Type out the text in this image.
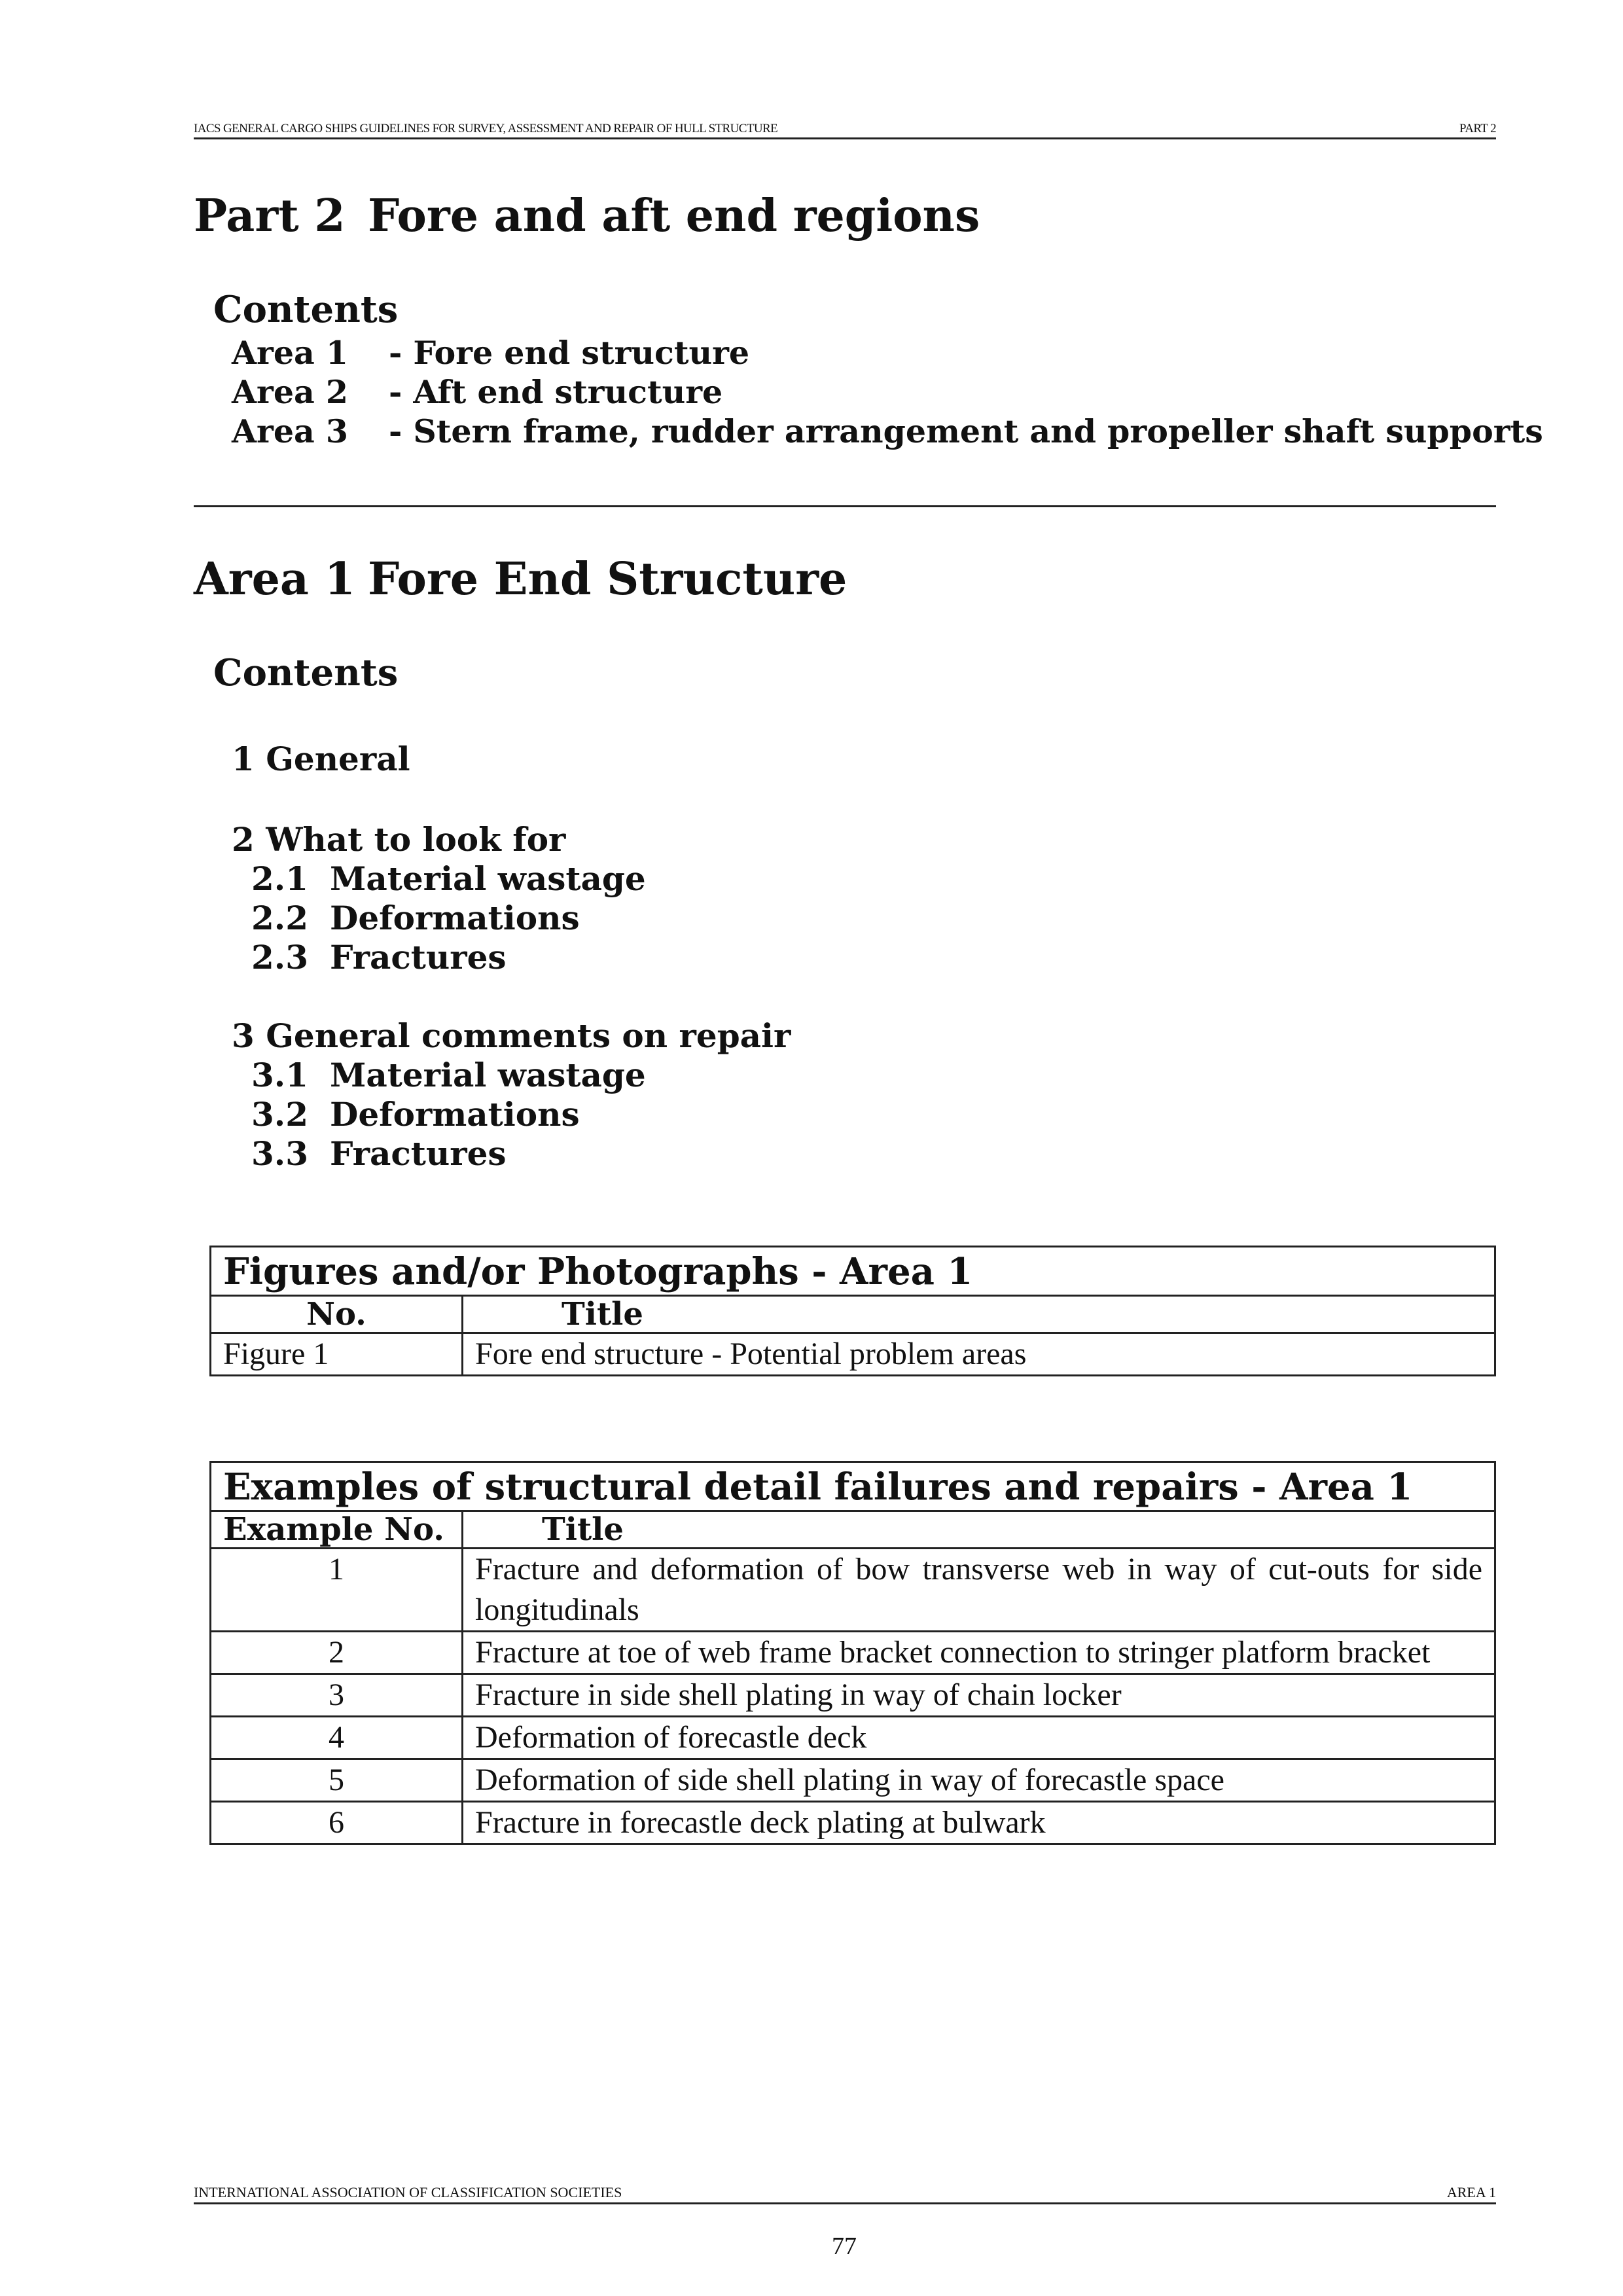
IACS GENERAL CARGO SHIPS GUIDELINES FOR SURVEY, ASSESSMENT AND REPAIR OF HULL STRUCTURE	PART 2
Part 2 Fore and aft end regions
Contents
Area 1 - Fore end structure
Area 2 - Aft end structure
Area 3 - Stern frame, rudder arrangement and propeller shaft supports
Area 1 Fore End Structure
Contents
1 General
2 What to look for
2.1 Material wastage
2.2 Deformations
2.3 Fractures
3 General comments on repair
3.1 Material wastage
3.2 Deformations
3.3 Fractures
Figures and/or Photographs - Area 1	
No.	Title
Figure 1	Fore end structure - Potential problem areas
Examples of structural detail failures and repairs - Area 1	
Example No.	Title
1	Fracture and deformation of bow transverse web in way of cut-outs for side longitudinals
2	Fracture at toe of web frame bracket connection to stringer platform bracket
3	Fracture in side shell plating in way of chain locker
4	Deformation of forecastle deck
5	Deformation of side shell plating in way of forecastle space
6	Fracture in forecastle deck plating at bulwark
INTERNATIONAL ASSOCIATION OF CLASSIFICATION SOCIETIES	AREA 1
77
